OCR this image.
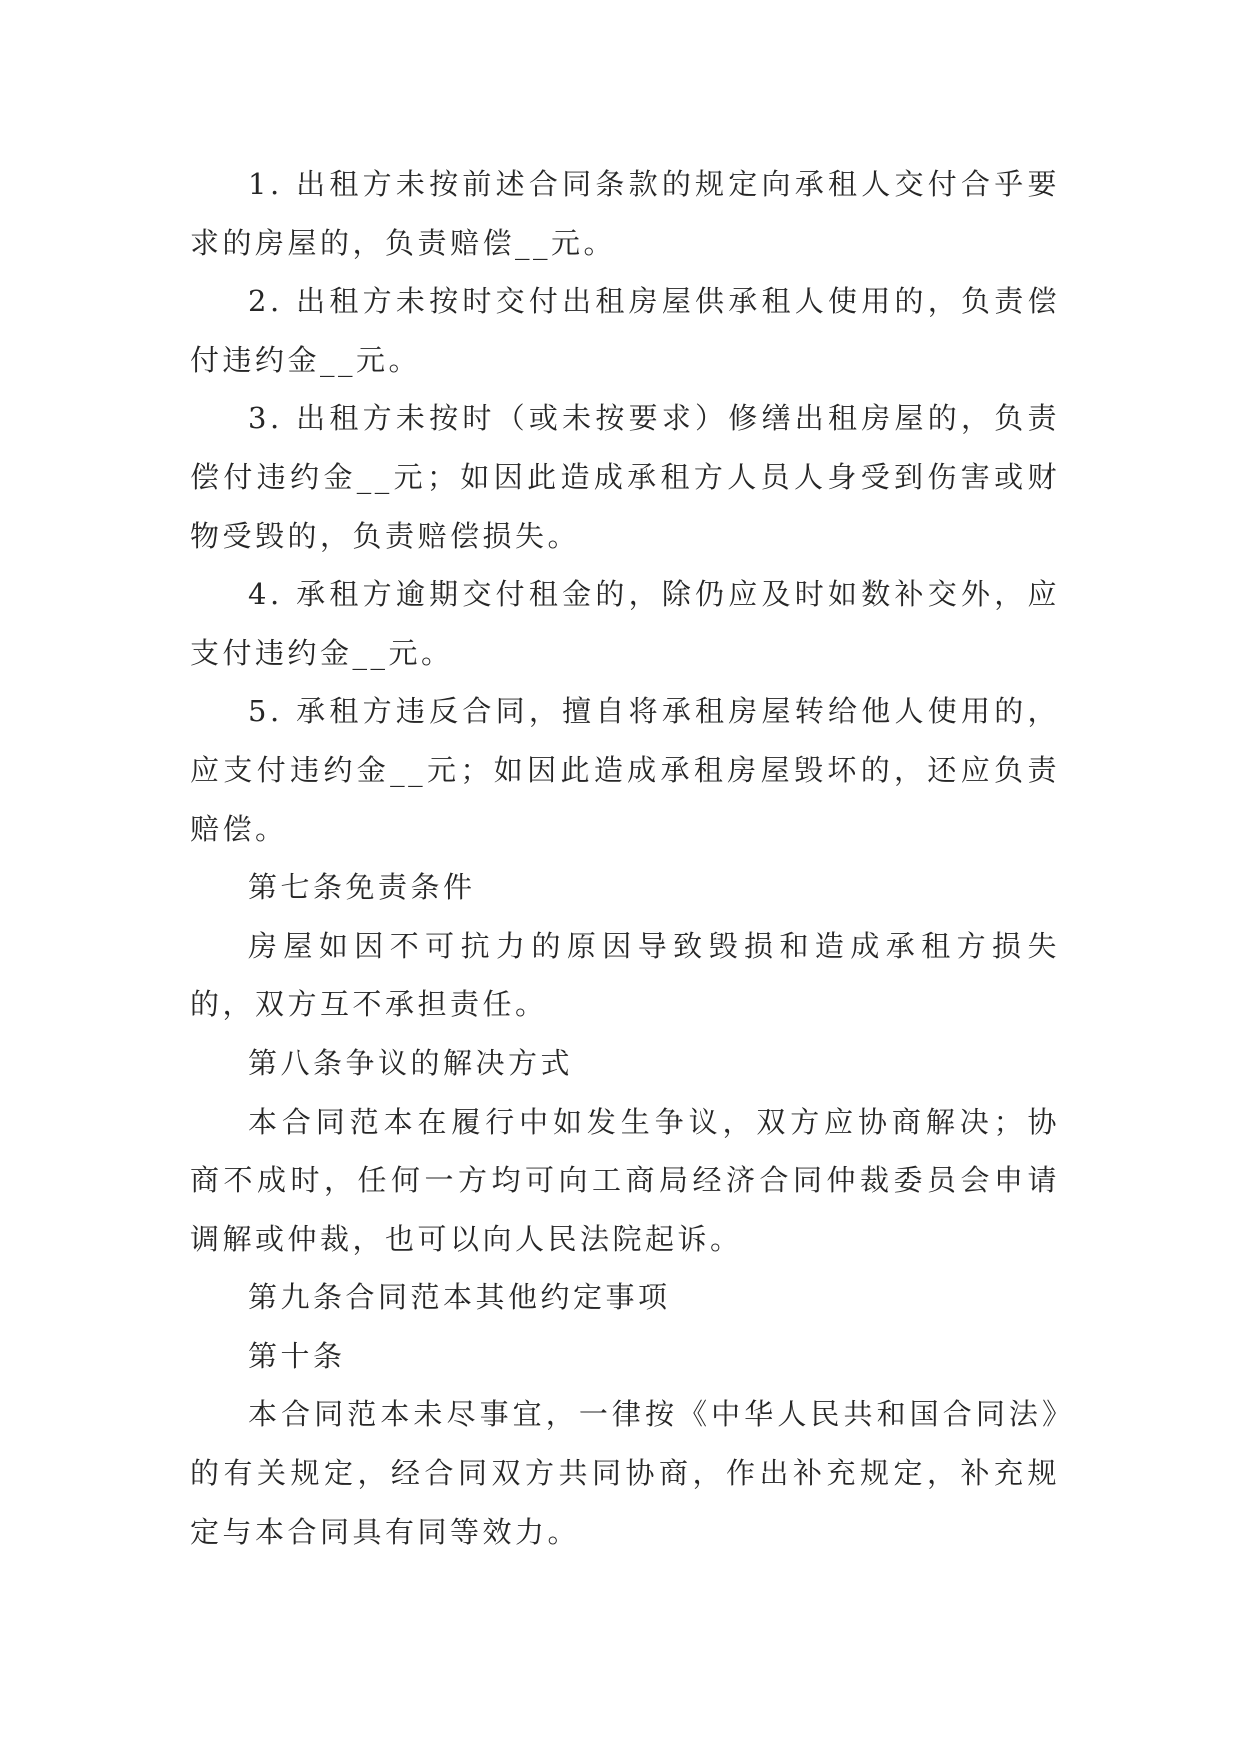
1. 出租方未按前述合同条款的规定向承租人交付合乎要求的房屋的，负责赔偿__元。

2. 出租方未按时交付出租房屋供承租人使用的，负责偿付违约金__元。

3. 出租方未按时（或未按要求）修缮出租房屋的，负责偿付违约金__元；如因此造成承租方人员人身受到伤害或财物受毁的，负责赔偿损失。

4. 承租方逾期交付租金的，除仍应及时如数补交外，应支付违约金__元。

5. 承租方违反合同，擅自将承租房屋转给他人使用的，应支付违约金__元；如因此造成承租房屋毁坏的，还应负责赔偿。

第七条免责条件

房屋如因不可抗力的原因导致毁损和造成承租方损失的，双方互不承担责任。

第八条争议的解决方式

本合同范本在履行中如发生争议，双方应协商解决；协商不成时，任何一方均可向工商局经济合同仲裁委员会申请调解或仲裁，也可以向人民法院起诉。

第九条合同范本其他约定事项

第十条

本合同范本未尽事宜，一律按《中华人民共和国合同法》的有关规定，经合同双方共同协商，作出补充规定，补充规定与本合同具有同等效力。
